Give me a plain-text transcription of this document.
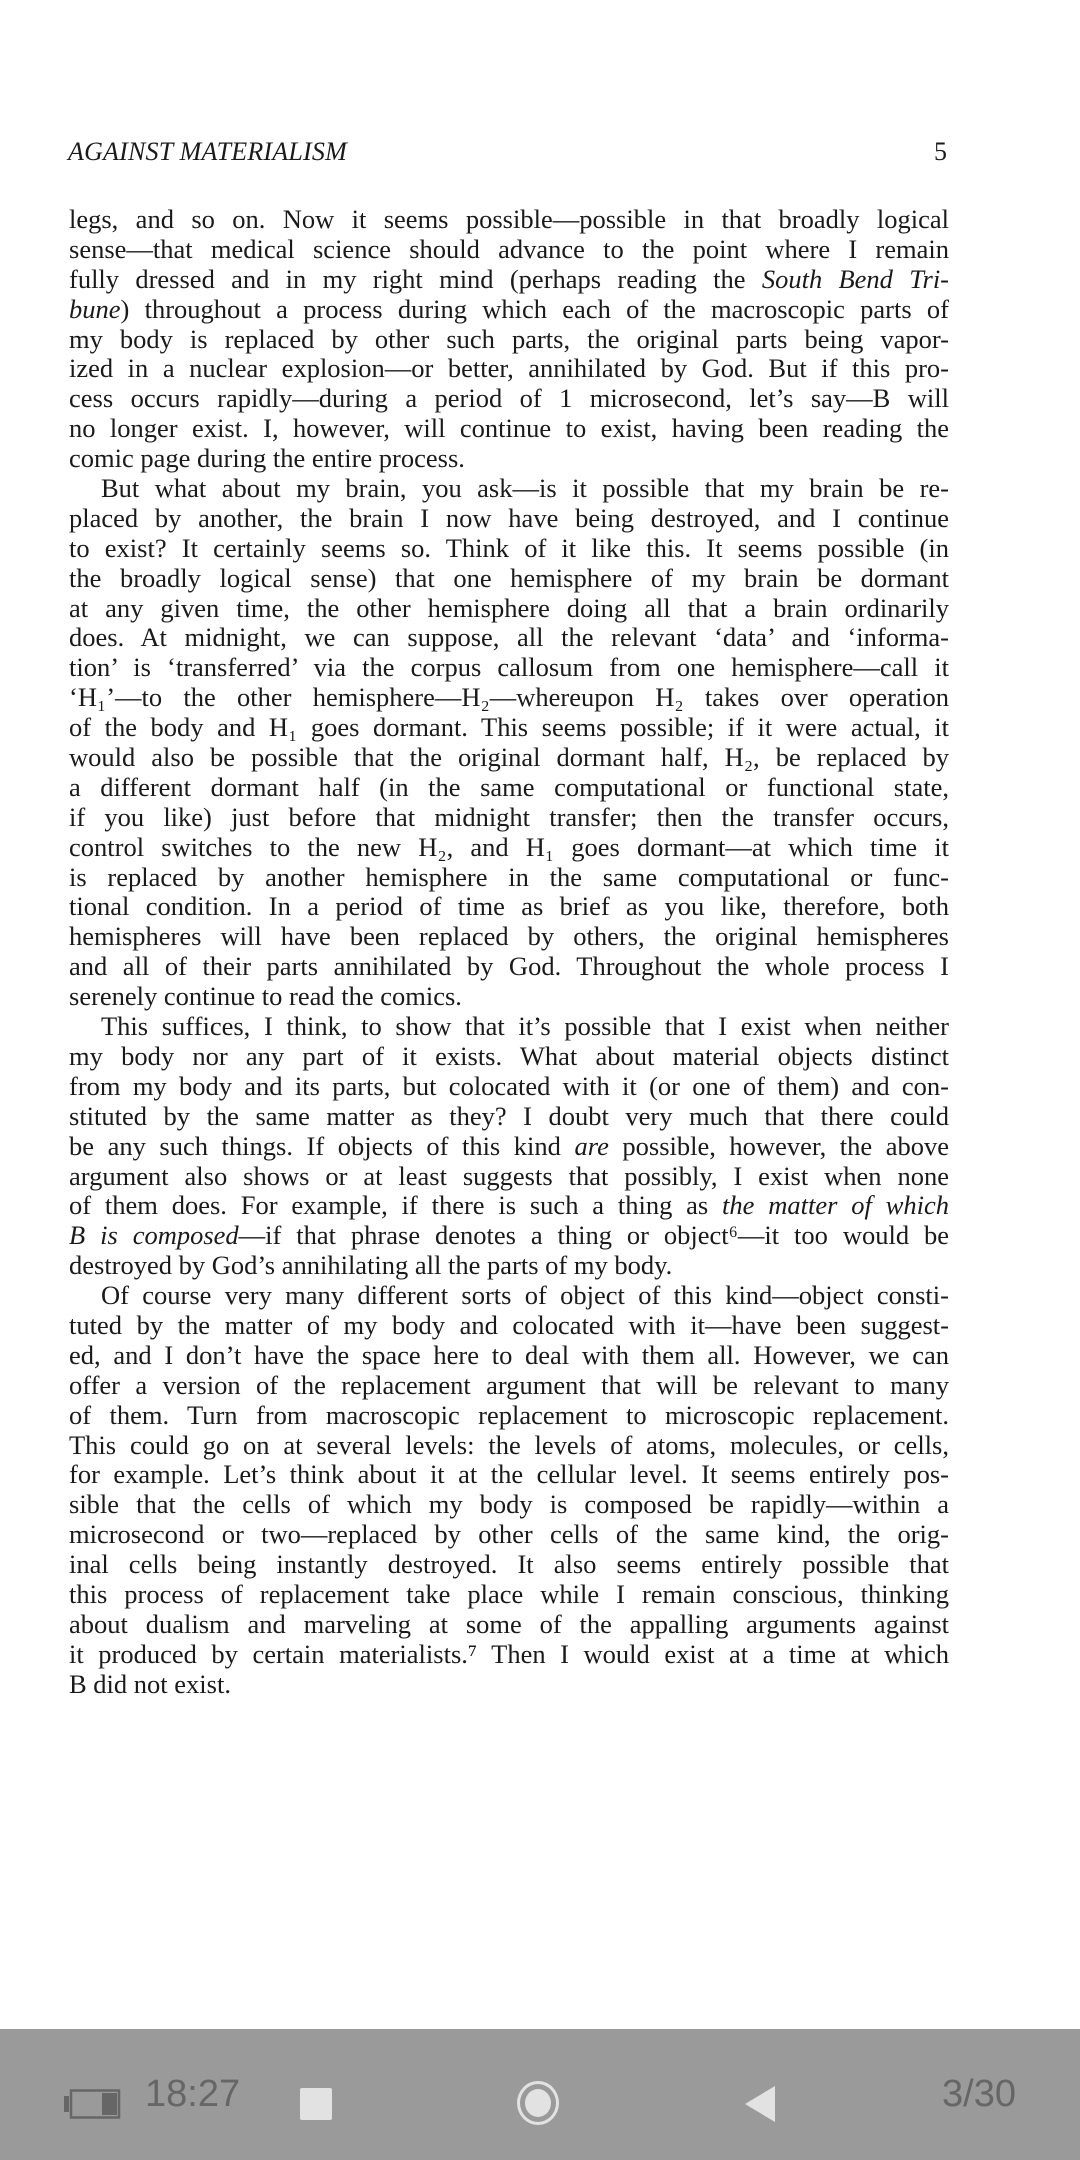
AGAINST MATERIALISM	5
legs, and so on. Now it seems possible—possible in that broadly logical
sense—that medical science should advance to the point where I remain
fully dressed and in my right mind (perhaps reading the South Bend Tri-
bune) throughout a process during which each of the macroscopic parts of
my body is replaced by other such parts, the original parts being vapor-
ized in a nuclear explosion—or better, annihilated by God. But if this pro-
cess occurs rapidly—during a period of 1 microsecond, let’s say—B will
no longer exist. I, however, will continue to exist, having been reading the
comic page during the entire process.
But what about my brain, you ask—is it possible that my brain be re-
placed by another, the brain I now have being destroyed, and I continue
to exist? It certainly seems so. Think of it like this. It seems possible (in
the broadly logical sense) that one hemisphere of my brain be dormant
at any given time, the other hemisphere doing all that a brain ordinarily
does. At midnight, we can suppose, all the relevant ‘data’ and ‘informa-
tion’ is ‘transferred’ via the corpus callosum from one hemisphere—call it
‘H₁’—to the other hemisphere—H₂—whereupon H₂ takes over operation
of the body and H₁ goes dormant. This seems possible; if it were actual, it
would also be possible that the original dormant half, H₂, be replaced by
a different dormant half (in the same computational or functional state,
if you like) just before that midnight transfer; then the transfer occurs,
control switches to the new H₂, and H₁ goes dormant—at which time it
is replaced by another hemisphere in the same computational or func-
tional condition. In a period of time as brief as you like, therefore, both
hemispheres will have been replaced by others, the original hemispheres
and all of their parts annihilated by God. Throughout the whole process I
serenely continue to read the comics.
This suffices, I think, to show that it’s possible that I exist when neither
my body nor any part of it exists. What about material objects distinct
from my body and its parts, but colocated with it (or one of them) and con-
stituted by the same matter as they? I doubt very much that there could
be any such things. If objects of this kind are possible, however, the above
argument also shows or at least suggests that possibly, I exist when none
of them does. For example, if there is such a thing as the matter of which
B is composed—if that phrase denotes a thing or object⁶—it too would be
destroyed by God’s annihilating all the parts of my body.
Of course very many different sorts of object of this kind—object consti-
tuted by the matter of my body and colocated with it—have been suggest-
ed, and I don’t have the space here to deal with them all. However, we can
offer a version of the replacement argument that will be relevant to many
of them. Turn from macroscopic replacement to microscopic replacement.
This could go on at several levels: the levels of atoms, molecules, or cells,
for example. Let’s think about it at the cellular level. It seems entirely pos-
sible that the cells of which my body is composed be rapidly—within a
microsecond or two—replaced by other cells of the same kind, the orig-
inal cells being instantly destroyed. It also seems entirely possible that
this process of replacement take place while I remain conscious, thinking
about dualism and marveling at some of the appalling arguments against
it produced by certain materialists.⁷ Then I would exist at a time at which
B did not exist.
18:27	3/30
